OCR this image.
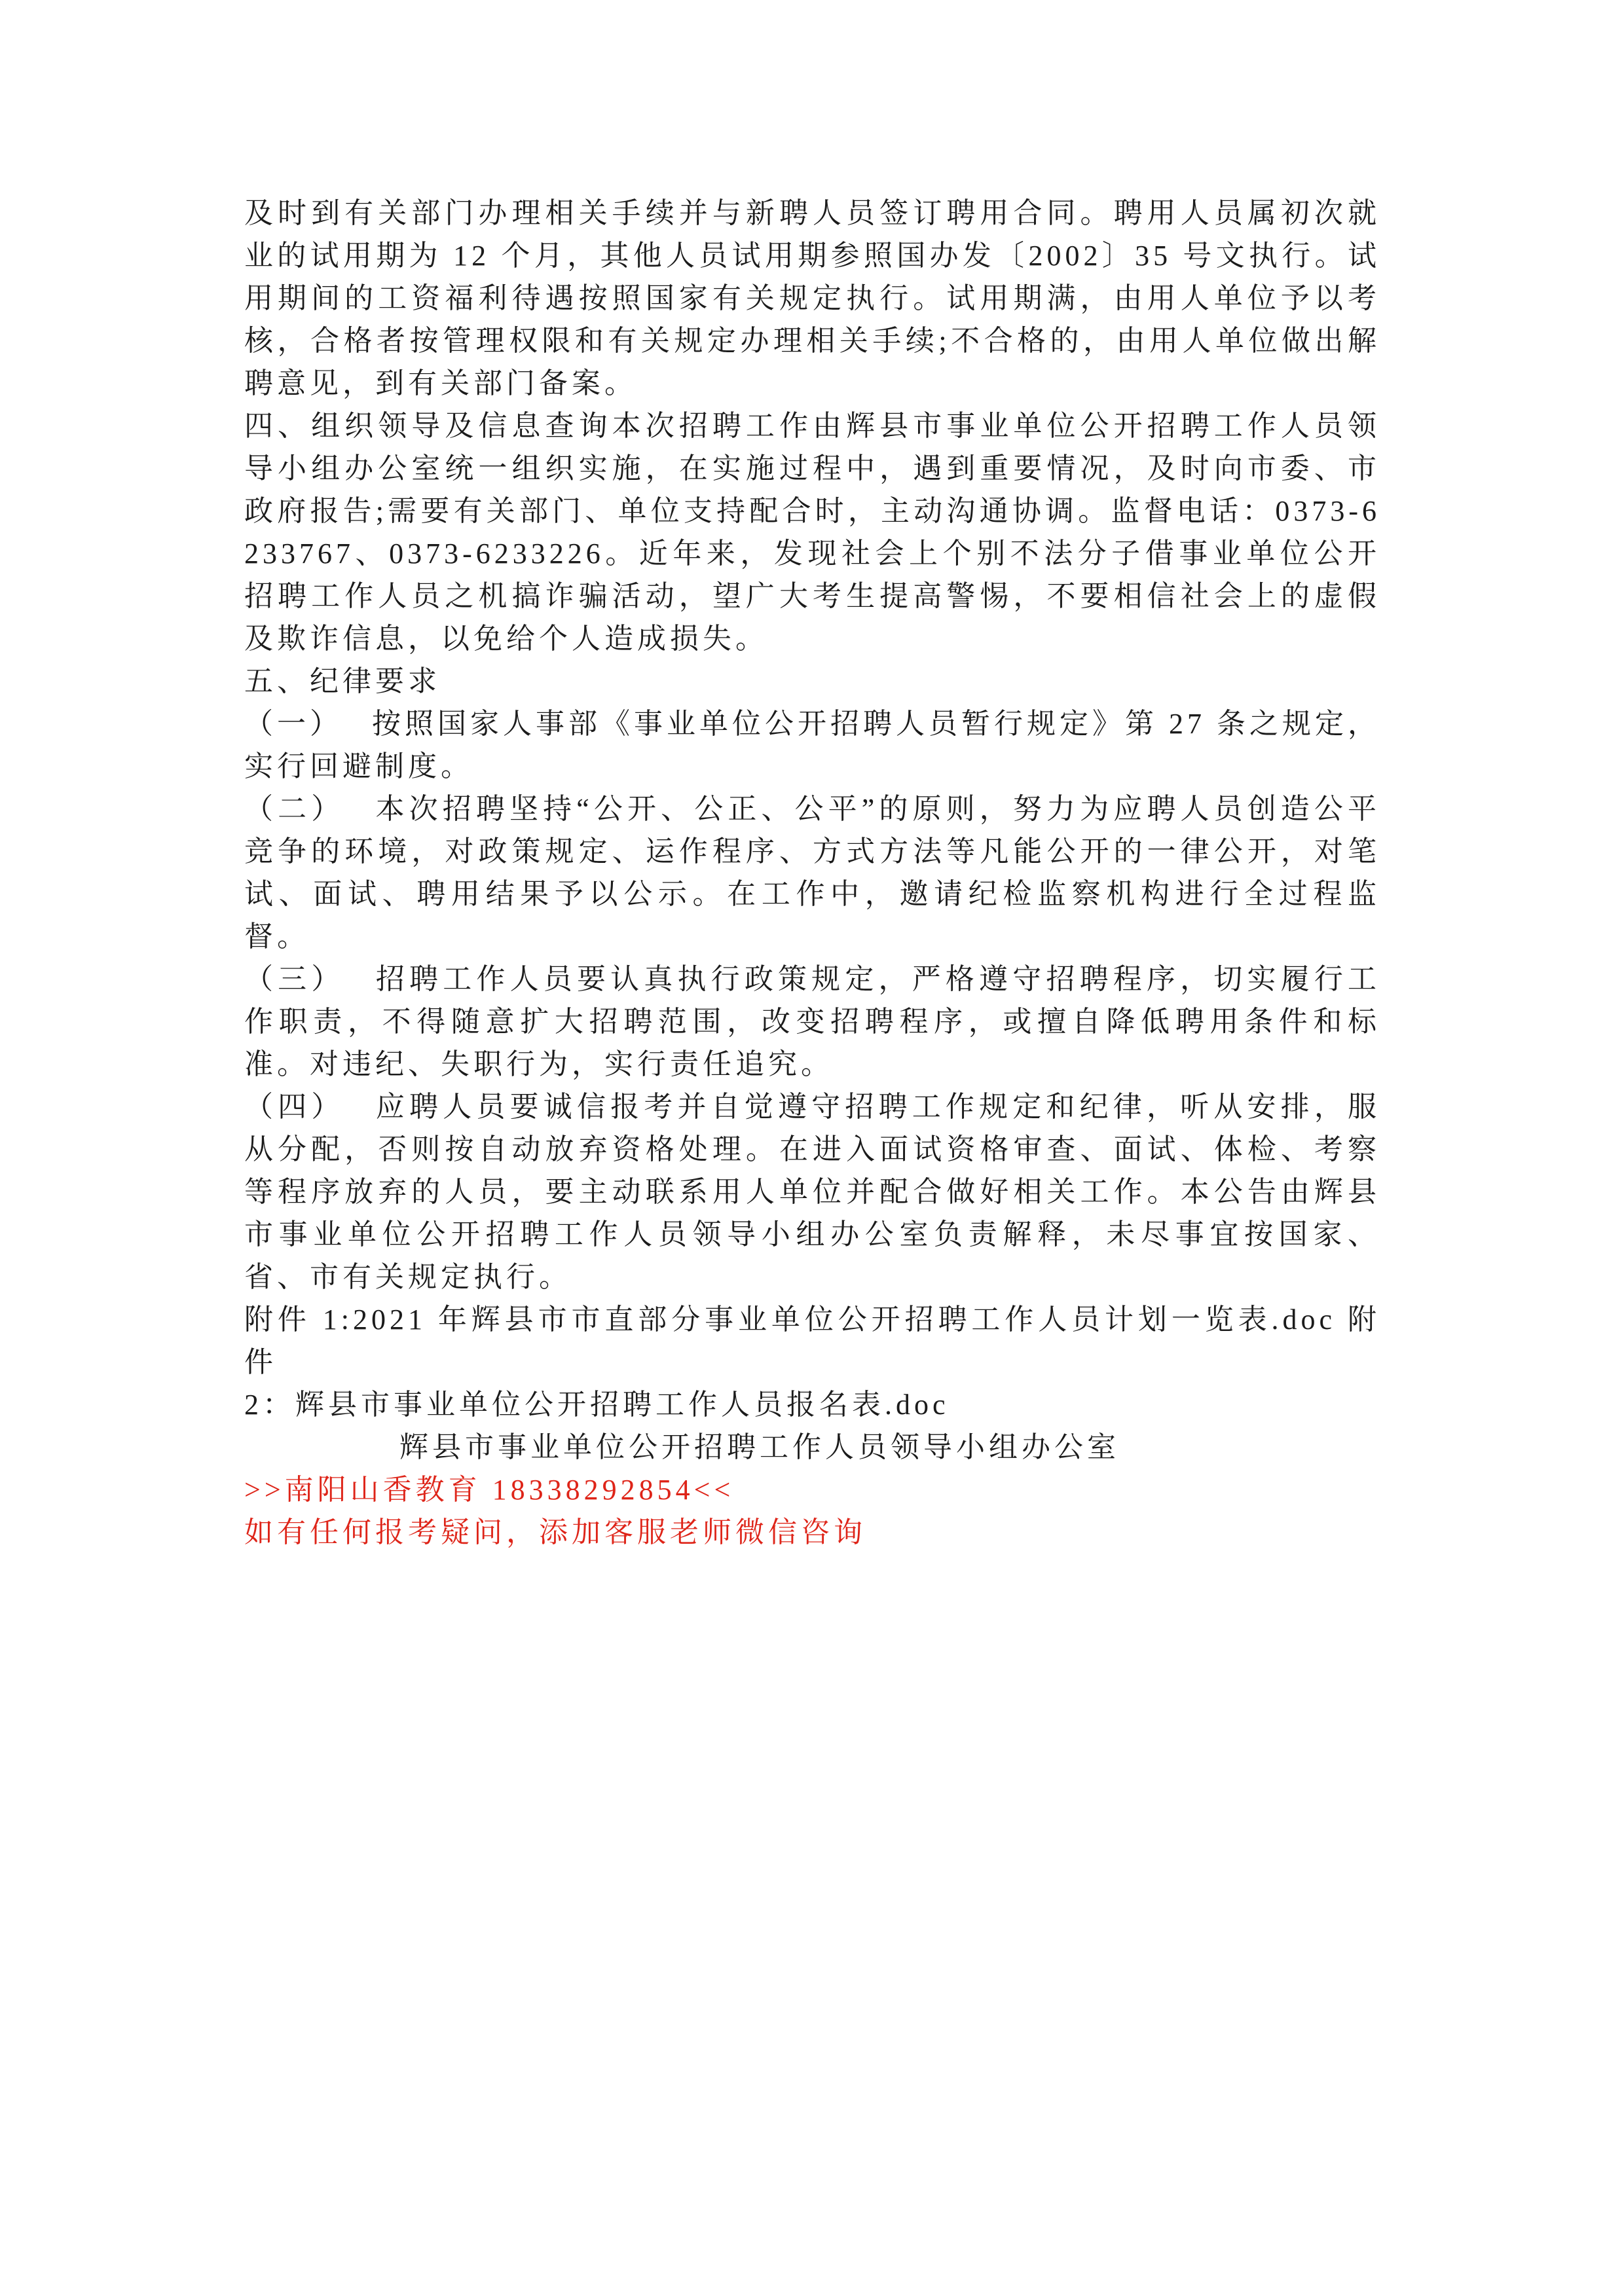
及时到有关部门办理相关手续并与新聘人员签订聘用合同。聘用人员属初次就业的试用期为 12 个月，其他人员试用期参照国办发〔2002〕35 号文执行。试用期间的工资福利待遇按照国家有关规定执行。试用期满，由用人单位予以考核，合格者按管理权限和有关规定办理相关手续;不合格的，由用人单位做出解聘意见，到有关部门备案。

四、组织领导及信息查询本次招聘工作由辉县市事业单位公开招聘工作人员领导小组办公室统一组织实施，在实施过程中，遇到重要情况，及时向市委、市政府报告;需要有关部门、单位支持配合时，主动沟通协调。监督电话：0373-6233767、0373-6233226。近年来，发现社会上个别不法分子借事业单位公开招聘工作人员之机搞诈骗活动，望广大考生提高警惕，不要相信社会上的虚假及欺诈信息，以免给个人造成损失。

五、纪律要求

（一）　 按照国家人事部《事业单位公开招聘人员暂行规定》第 27 条之规定，实行回避制度。

（二）　 本次招聘坚持“公开、公正、公平”的原则，努力为应聘人员创造公平竞争的环境，对政策规定、运作程序、方式方法等凡能公开的一律公开，对笔试、面试、聘用结果予以公示。在工作中，邀请纪检监察机构进行全过程监督。

（三）　 招聘工作人员要认真执行政策规定，严格遵守招聘程序，切实履行工作职责，不得随意扩大招聘范围，改变招聘程序，或擅自降低聘用条件和标准。对违纪、失职行为，实行责任追究。

（四）　 应聘人员要诚信报考并自觉遵守招聘工作规定和纪律，听从安排，服从分配，否则按自动放弃资格处理。在进入面试资格审查、面试、体检、考察等程序放弃的人员，要主动联系用人单位并配合做好相关工作。本公告由辉县市事业单位公开招聘工作人员领导小组办公室负责解释，未尽事宜按国家、省、市有关规定执行。

附件 1:2021 年辉县市市直部分事业单位公开招聘工作人员计划一览表.doc 附件

2：辉县市事业单位公开招聘工作人员报名表.doc

辉县市事业单位公开招聘工作人员领导小组办公室

>>南阳山香教育 18338292854<<

如有任何报考疑问，添加客服老师微信咨询
